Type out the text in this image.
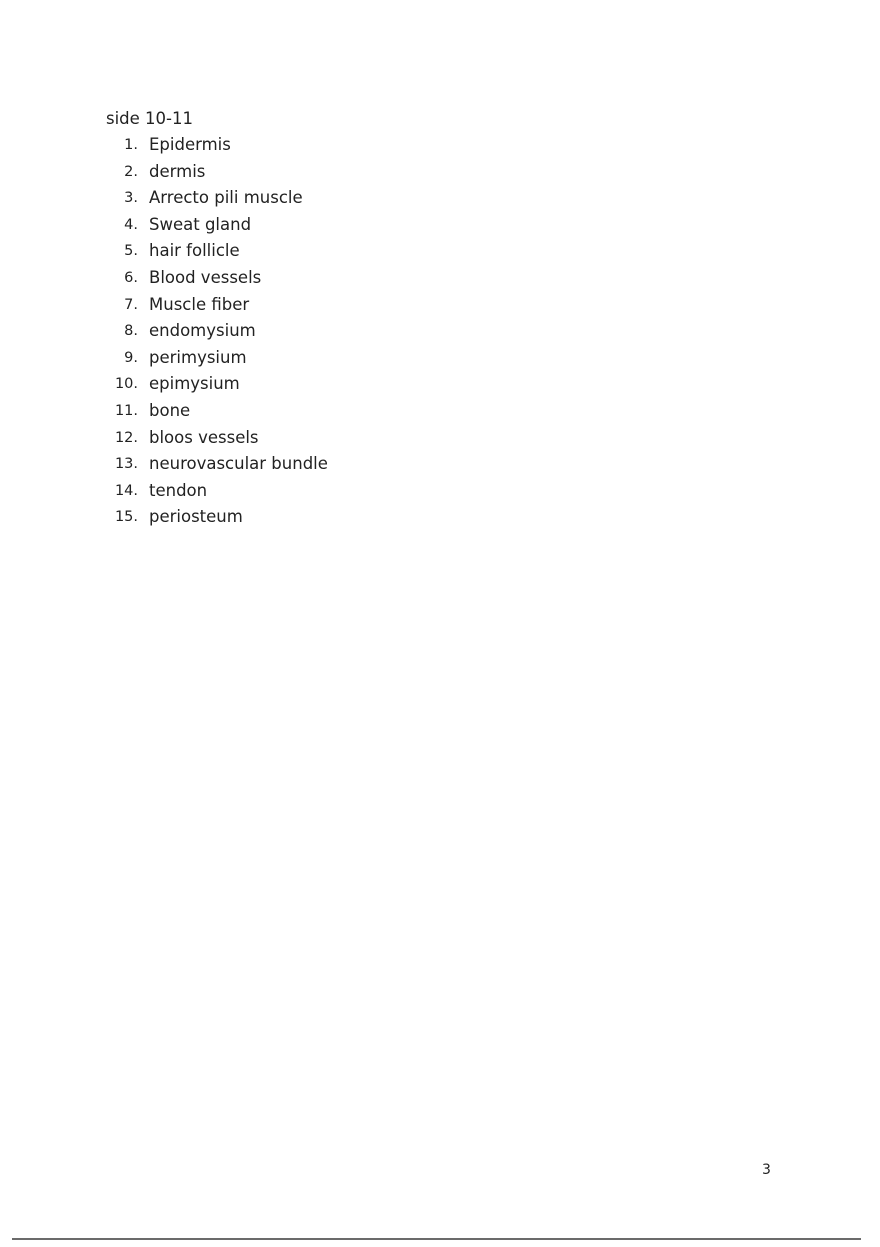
side 10-11
1. Epidermis
2. dermis
3. Arrecto pili muscle
4. Sweat gland
5. hair follicle
6. Blood vessels
7. Muscle fiber
8. endomysium
9. perimysium
10. epimysium
11. bone
12. bloos vessels
13. neurovascular bundle
14. tendon
15. periosteum
3
